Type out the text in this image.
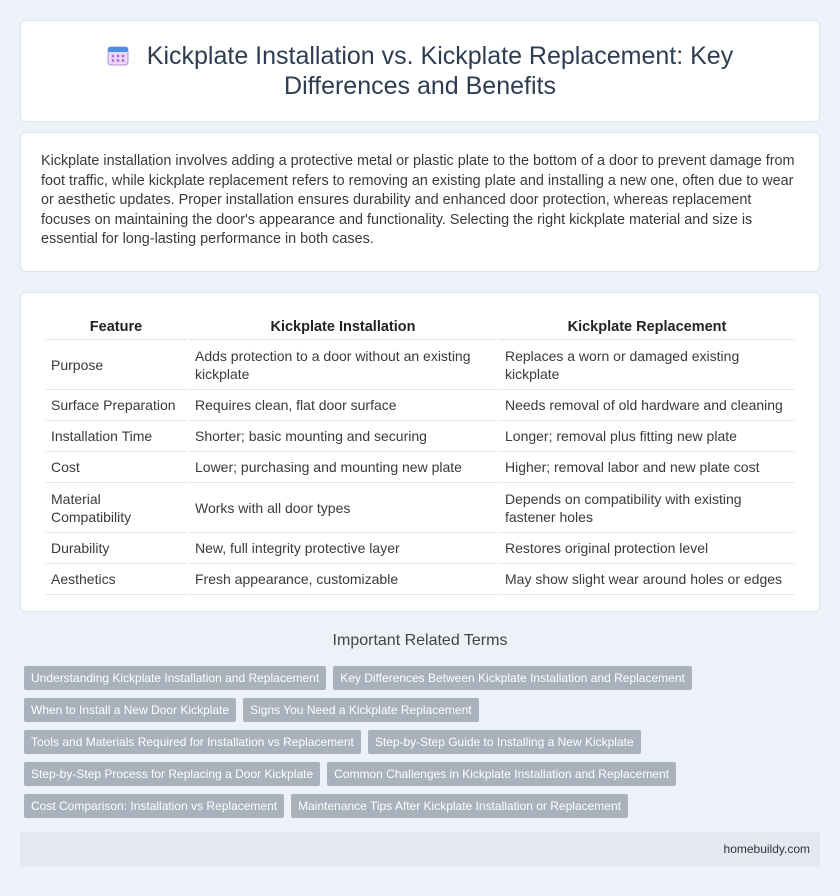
Kickplate Installation vs. Kickplate Replacement: Key Differences and Benefits
Kickplate installation involves adding a protective metal or plastic plate to the bottom of a door to prevent damage from foot traffic, while kickplate replacement refers to removing an existing plate and installing a new one, often due to wear or aesthetic updates. Proper installation ensures durability and enhanced door protection, whereas replacement focuses on maintaining the door's appearance and functionality. Selecting the right kickplate material and size is essential for long-lasting performance in both cases.
Feature	Kickplate Installation	Kickplate Replacement
Purpose	Adds protection to a door without an existing kickplate	Replaces a worn or damaged existing kickplate
Surface Preparation	Requires clean, flat door surface	Needs removal of old hardware and cleaning
Installation Time	Shorter; basic mounting and securing	Longer; removal plus fitting new plate
Cost	Lower; purchasing and mounting new plate	Higher; removal labor and new plate cost
Material Compatibility	Works with all door types	Depends on compatibility with existing fastener holes
Durability	New, full integrity protective layer	Restores original protection level
Aesthetics	Fresh appearance, customizable	May show slight wear around holes or edges
Important Related Terms
Understanding Kickplate Installation and Replacement	Key Differences Between Kickplate Installation and Replacement
When to Install a New Door Kickplate	Signs You Need a Kickplate Replacement
Tools and Materials Required for Installation vs Replacement	Step-by-Step Guide to Installing a New Kickplate
Step-by-Step Process for Replacing a Door Kickplate	Common Challenges in Kickplate Installation and Replacement
Cost Comparison: Installation vs Replacement	Maintenance Tips After Kickplate Installation or Replacement
homebuildy.com
